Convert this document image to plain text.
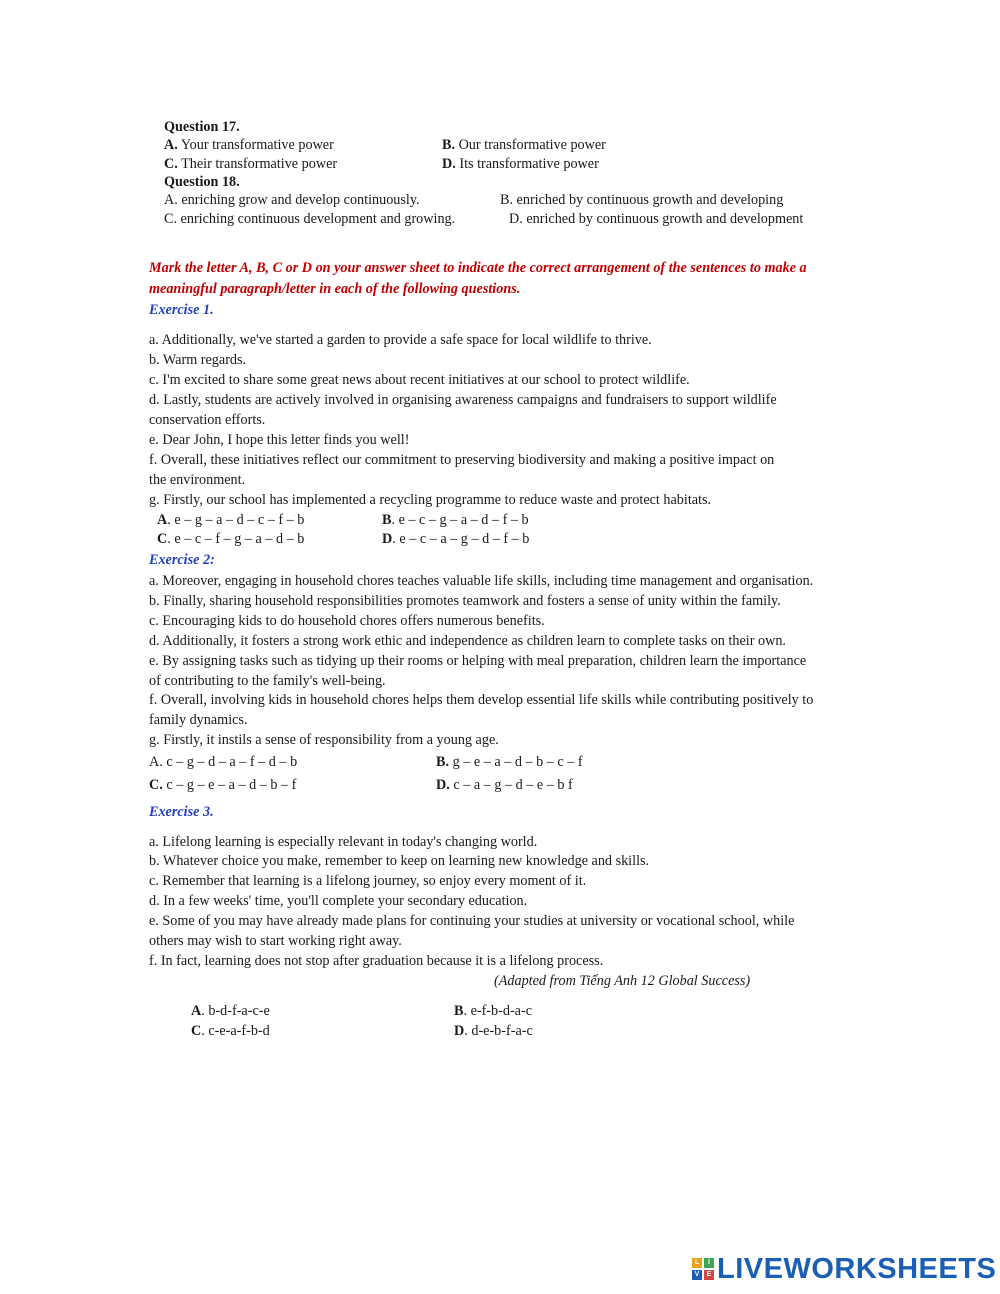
Question 17.
A. Your transformative power	B. Our transformative power
C. Their transformative power	D. Its transformative power
Question 18.
A. enriching grow and develop continuously.	B. enriched by continuous growth and developing
C. enriching continuous development and growing.	D. enriched by continuous growth and development
Mark the letter A, B, C or D on your answer sheet to indicate the correct arrangement of the sentences to make a
meaningful paragraph/letter in each of the following questions.
Exercise 1.
a. Additionally, we've started a garden to provide a safe space for local wildlife to thrive.
b. Warm regards.
c. I'm excited to share some great news about recent initiatives at our school to protect wildlife.
d. Lastly, students are actively involved in organising awareness campaigns and fundraisers to support wildlife
conservation efforts.
e. Dear John, I hope this letter finds you well!
f. Overall, these initiatives reflect our commitment to preserving biodiversity and making a positive impact on
the environment.
g. Firstly, our school has implemented a recycling programme to reduce waste and protect habitats.
A. e – g – a – d – c – f – b	B. e – c – g – a – d – f – b
C. e – c – f – g – a – d – b	D. e – c – a – g – d – f – b
Exercise 2:
a. Moreover, engaging in household chores teaches valuable life skills, including time management and organisation.
b. Finally, sharing household responsibilities promotes teamwork and fosters a sense of unity within the family.
c. Encouraging kids to do household chores offers numerous benefits.
d. Additionally, it fosters a strong work ethic and independence as children learn to complete tasks on their own.
e. By assigning tasks such as tidying up their rooms or helping with meal preparation, children learn the importance
of contributing to the family's well-being.
f. Overall, involving kids in household chores helps them develop essential life skills while contributing positively to
family dynamics.
g. Firstly, it instils a sense of responsibility from a young age.
A. c – g – d – a – f – d – b	B. g – e – a – d – b – c – f
C. c – g – e – a – d – b – f	D. c – a – g – d – e – b f
Exercise 3.
a. Lifelong learning is especially relevant in today's changing world.
b. Whatever choice you make, remember to keep on learning new knowledge and skills.
c. Remember that learning is a lifelong journey, so enjoy every moment of it.
d. In a few weeks' time, you'll complete your secondary education.
e. Some of you may have already made plans for continuing your studies at university or vocational school, while
others may wish to start working right away.
f. In fact, learning does not stop after graduation because it is a lifelong process.
(Adapted from Tiếng Anh 12 Global Success)
A. b-d-f-a-c-e	B. e-f-b-d-a-c
C. c-e-a-f-b-d	D. d-e-b-f-a-c
L	I
V	E LIVEWORKSHEETS
